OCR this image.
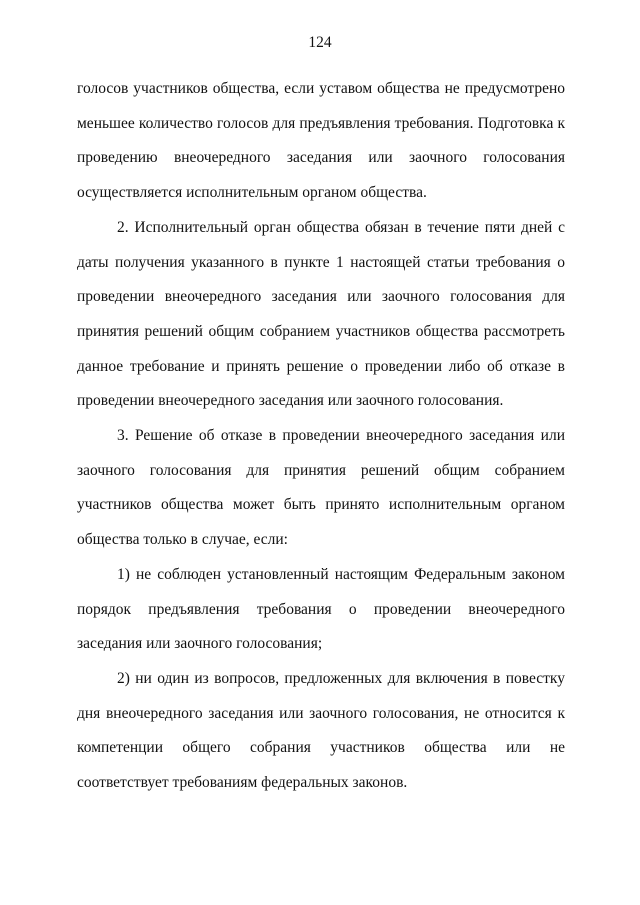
124

голосов участников общества, если уставом общества не предусмотрено меньшее количество голосов для предъявления требования. Подготовка к проведению внеочередного заседания или заочного голосования осуществляется исполнительным органом общества.

2. Исполнительный орган общества обязан в течение пяти дней с даты получения указанного в пункте 1 настоящей статьи требования о проведении внеочередного заседания или заочного голосования для принятия решений общим собранием участников общества рассмотреть данное требование и принять решение о проведении либо об отказе в проведении внеочередного заседания или заочного голосования.

3. Решение об отказе в проведении внеочередного заседания или заочного голосования для принятия решений общим собранием участников общества может быть принято исполнительным органом общества только в случае, если:

1) не соблюден установленный настоящим Федеральным законом порядок предъявления требования о проведении внеочередного заседания или заочного голосования;

2) ни один из вопросов, предложенных для включения в повестку дня внеочередного заседания или заочного голосования, не относится к компетенции общего собрания участников общества или не соответствует требованиям федеральных законов.
